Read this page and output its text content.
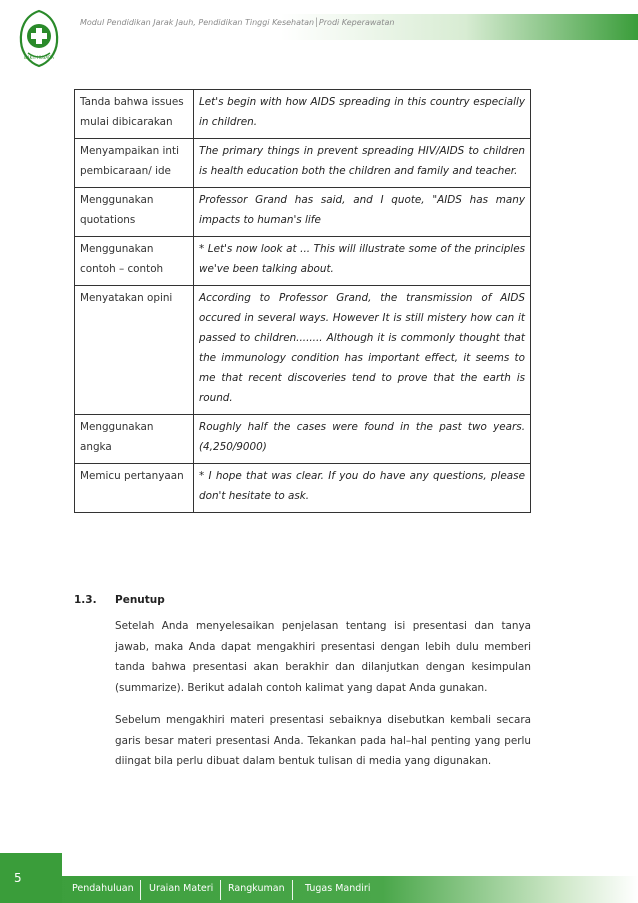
Modul Pendidikan Jarak Jauh, Pendidikan Tinggi Kesehatan│Prodi Keperawatan
BAKTI HUSADA
Tanda bahwa issues mulai dibicarakan	Let's begin with how AIDS spreading in this country especially in children.
Menyampaikan inti pembicaraan/ ide	The primary things in prevent spreading HIV/AIDS to children is health education both the children and family and teacher.
Menggunakan quotations	Professor Grand has said, and I quote, "AIDS has many impacts to human's life
Menggunakan contoh – contoh	* Let's now look at ... This will illustrate some of the principles we've been talking about.
Menyatakan opini	According to Professor Grand, the transmission of AIDS occured in several ways. However It is still mistery how can it passed to children........ Although it is commonly thought that the immunology condition has important effect, it seems to me that recent discoveries tend to prove that the earth is round.
Menggunakan angka	Roughly half the cases were found in the past two years. (4,250/9000)
Memicu pertanyaan	* I hope that was clear. If you do have any questions, please don't hesitate to ask.
1.3. Penutup
Setelah Anda menyelesaikan penjelasan tentang isi presentasi dan tanya jawab, maka Anda dapat mengakhiri presentasi dengan lebih dulu memberi tanda bahwa presentasi akan berakhir dan dilanjutkan dengan kesimpulan (summarize). Berikut adalah contoh kalimat yang dapat Anda gunakan.
Sebelum mengakhiri materi presentasi sebaiknya disebutkan kembali secara garis besar materi presentasi Anda. Tekankan pada hal–hal penting yang perlu diingat bila perlu dibuat dalam bentuk tulisan di media yang digunakan.
5
Pendahuluan Uraian Materi Rangkuman Tugas Mandiri
